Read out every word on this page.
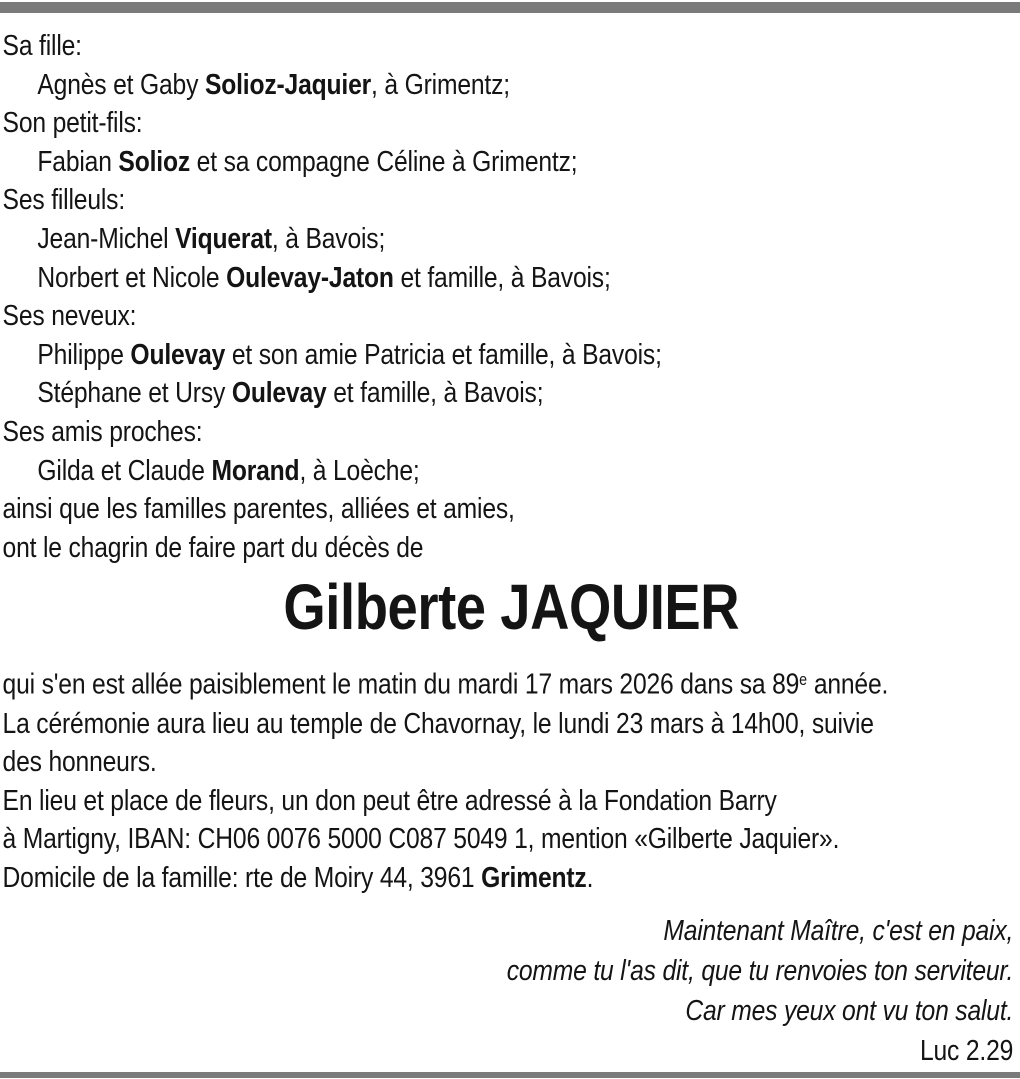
Sa fille:
Agnès et Gaby Solioz-Jaquier, à Grimentz;
Son petit-fils:
Fabian Solioz et sa compagne Céline à Grimentz;
Ses filleuls:
Jean-Michel Viquerat, à Bavois;
Norbert et Nicole Oulevay-Jaton et famille, à Bavois;
Ses neveux:
Philippe Oulevay et son amie Patricia et famille, à Bavois;
Stéphane et Ursy Oulevay et famille, à Bavois;
Ses amis proches:
Gilda et Claude Morand, à Loèche;
ainsi que les familles parentes, alliées et amies,
ont le chagrin de faire part du décès de
Gilberte JAQUIER
qui s'en est allée paisiblement le matin du mardi 17 mars 2026 dans sa 89e année.
La cérémonie aura lieu au temple de Chavornay, le lundi 23 mars à 14h00, suivie
des honneurs.
En lieu et place de fleurs, un don peut être adressé à la Fondation Barry
à Martigny, IBAN: CH06 0076 5000 C087 5049 1, mention «Gilberte Jaquier».
Domicile de la famille: rte de Moiry 44, 3961 Grimentz.
Maintenant Maître, c'est en paix,
comme tu l'as dit, que tu renvoies ton serviteur.
Car mes yeux ont vu ton salut.
Luc 2.29
